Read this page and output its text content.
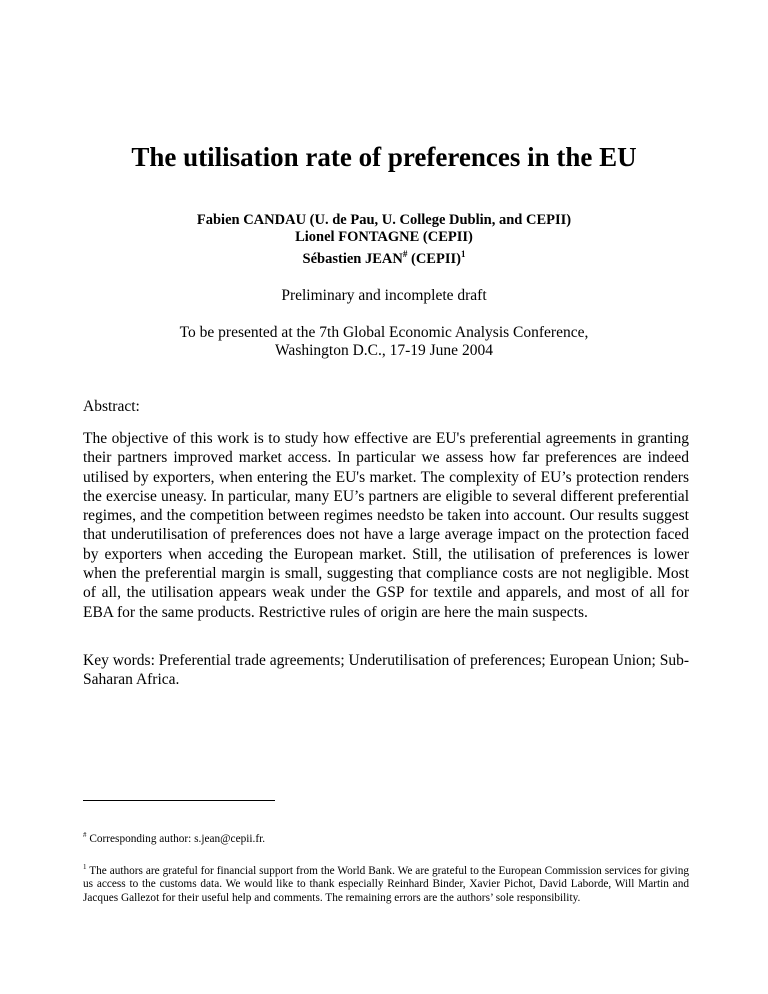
The utilisation rate of preferences in the EU
Fabien CANDAU (U. de Pau, U. College Dublin, and CEPII)
Lionel FONTAGNE (CEPII)
Sébastien JEAN# (CEPII)$^1$
Preliminary and incomplete draft
To be presented at the 7th Global Economic Analysis Conference, Washington D.C., 17-19 June 2004
Abstract:
The objective of this work is to study how effective are EU's preferential agreements in granting their partners improved market access. In particular we assess how far preferences are indeed utilised by exporters, when entering the EU's market. The complexity of EU’s protection renders the exercise uneasy. In particular, many EU’s partners are eligible to several different preferential regimes, and the competition between regimes needsto be taken into account. Our results suggest that underutilisation of preferences does not have a large average impact on the protection faced by exporters when acceding the European market. Still, the utilisation of preferences is lower when the preferential margin is small, suggesting that compliance costs are not negligible. Most of all, the utilisation appears weak under the GSP for textile and apparels, and most of all for EBA for the same products. Restrictive rules of origin are here the main suspects.
Key words: Preferential trade agreements; Underutilisation of preferences; European Union; Sub-Saharan Africa.
# Corresponding author: s.jean@cepii.fr.
$^1$ The authors are grateful for financial support from the World Bank. We are grateful to the European Commission services for giving us access to the customs data. We would like to thank especially Reinhard Binder, Xavier Pichot, David Laborde, Will Martin and Jacques Gallezot for their useful help and comments. The remaining errors are the authors’ sole responsibility.
